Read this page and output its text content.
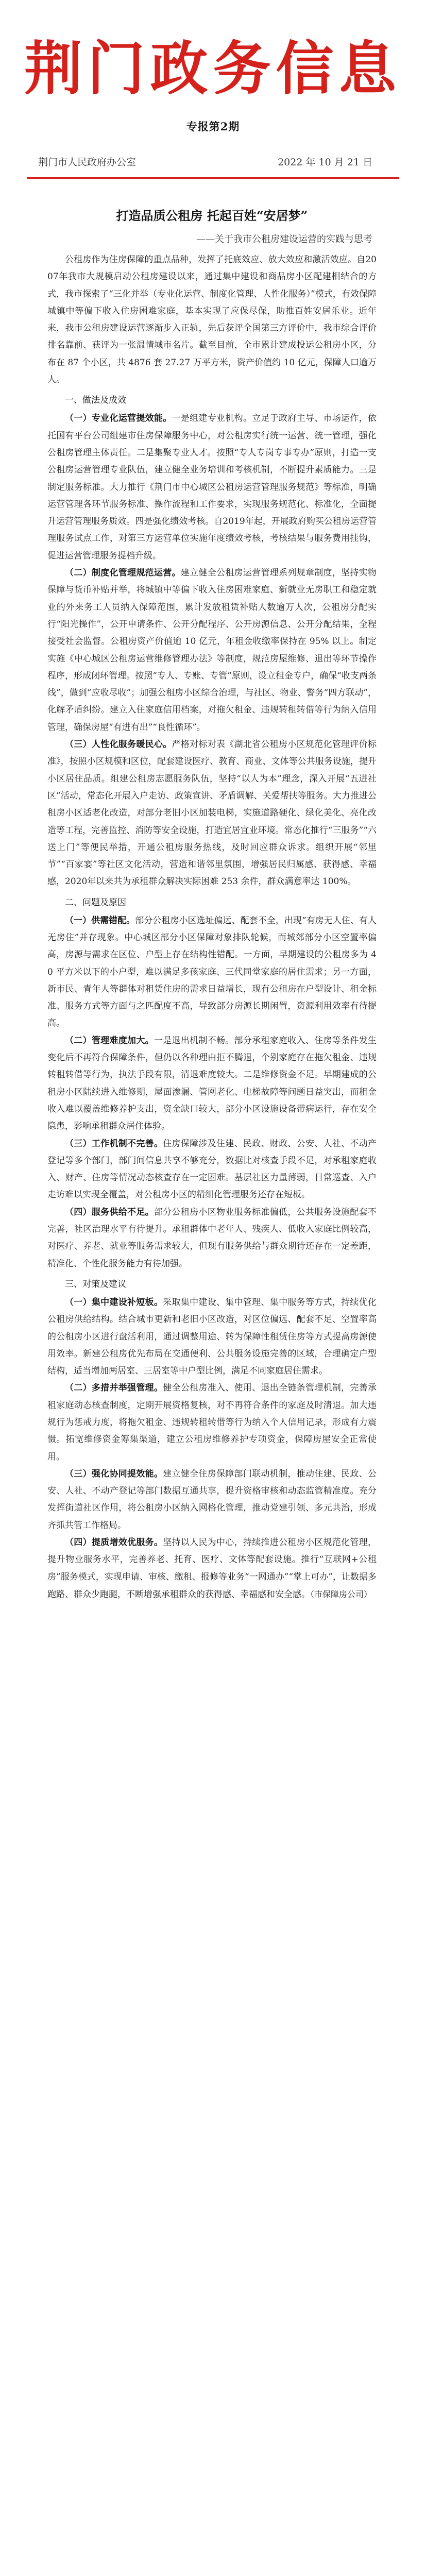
荆门政务信息
专报第2期
荆门市人民政府办公室	2022 年 10 月 21 日
打造品质公租房 托起百姓“安居梦”
——关于我市公租房建设运营的实践与思考

公租房作为住房保障的重点品种，发挥了托底效应、放大效应和激活效应。自2007年我市大规模启动公租房建设以来，通过集中建设和商品房小区配建相结合的方式，我市探索了“三化并举（专业化运营、制度化管理、人性化服务）”模式，有效保障城镇中等偏下收入住房困难家庭，基本实现了应保尽保，助推百姓安居乐业。近年来，我市公租房建设运营逐渐步入正轨，先后获评全国第三方评价中，我市综合评价排名靠前、获评为一张温情城市名片。截至目前，全市累计建成投运公租房小区，分布在 87 个小区，共 4876 套 27.27 万平方米，资产价值约 10 亿元，保障人口逾万人。

一、做法及成效

（一）专业化运营提效能。一是组建专业机构。立足于政府主导、市场运作，依托国有平台公司组建市住房保障服务中心，对公租房实行统一运营、统一管理，强化公租房管理主体责任。二是集聚专业人才。按照“专人专岗专事专办”原则，打造一支公租房运营管理专业队伍，建立健全业务培训和考核机制，不断提升素质能力。三是制定服务标准。大力推行《荆门市中心城区公租房运营管理服务规范》等标准，明确运营管理各环节服务标准、操作流程和工作要求，实现服务规范化、标准化，全面提升运营管理服务质效。四是强化绩效考核。自2019年起，开展政府购买公租房运营管理服务试点工作，对第三方运营单位实施年度绩效考核，考核结果与服务费用挂钩，促进运营管理服务提档升级。

（二）制度化管理规范运营。建立健全公租房运营管理系列规章制度，坚持实物保障与货币补贴并举，将城镇中等偏下收入住房困难家庭、新就业无房职工和稳定就业的外来务工人员纳入保障范围，累计发放租赁补贴人数逾万人次，公租房分配实行“阳光操作”，公开申请条件、公开分配程序、公开房源信息、公开分配结果，全程接受社会监督。公租房资产价值逾 10 亿元，年租金收缴率保持在 95% 以上。制定实施《中心城区公租房运营维修管理办法》等制度，规范房屋维修、退出等环节操作程序，形成闭环管理。按照“专人、专账、专管”原则，设立租金专户，确保“收支两条线”，做到“应收尽收”；加强公租房小区综合治理，与社区、物业、警务“四方联动”，化解矛盾纠纷。建立入住家庭信用档案，对拖欠租金、违规转租转借等行为纳入信用管理，确保房屋“有进有出”“良性循环”。

（三）人性化服务暖民心。严格对标对表《湖北省公租房小区规范化管理评价标准》，按照小区规模和区位，配套建设医疗、教育、商业、文体等公共服务设施，提升小区居住品质。组建公租房志愿服务队伍，坚持“以人为本”理念，深入开展“五进社区”活动，常态化开展入户走访、政策宣讲、矛盾调解、关爱帮扶等服务。大力推进公租房小区适老化改造，对部分老旧小区加装电梯，实施道路硬化、绿化美化、亮化改造等工程，完善监控、消防等安全设施，打造宜居宜业环境。常态化推行“三服务”“六送上门”等便民举措，开通公租房服务热线，及时回应群众诉求。组织开展“邻里节”“百家宴”等社区文化活动，营造和谐邻里氛围，增强居民归属感、获得感、幸福感，2020年以来共为承租群众解决实际困难 253 余件，群众满意率达 100%。

二、问题及原因

（一）供需错配。部分公租房小区选址偏远、配套不全，出现“有房无人住、有人无房住”并存现象。中心城区部分小区保障对象排队轮候，而城郊部分小区空置率偏高，房源与需求在区位、户型上存在结构性错配。一方面，早期建设的公租房多为 40 平方米以下的小户型，难以满足多孩家庭、三代同堂家庭的居住需求；另一方面，新市民、青年人等群体对租赁住房的需求日益增长，现有公租房在户型设计、租金标准、服务方式等方面与之匹配度不高，导致部分房源长期闲置，资源利用效率有待提高。

（二）管理难度加大。一是退出机制不畅。部分承租家庭收入、住房等条件发生变化后不再符合保障条件，但仍以各种理由拒不腾退，个别家庭存在拖欠租金、违规转租转借等行为，执法手段有限，清退难度较大。二是维修资金不足。早期建成的公租房小区陆续进入维修期，屋面渗漏、管网老化、电梯故障等问题日益突出，而租金收入难以覆盖维修养护支出，资金缺口较大，部分小区设施设备带病运行，存在安全隐患，影响承租群众居住体验。

（三）工作机制不完善。住房保障涉及住建、民政、财政、公安、人社、不动产登记等多个部门，部门间信息共享不够充分，数据比对核查手段不足，对承租家庭收入、财产、住房等情况动态核查存在一定困难。基层社区力量薄弱，日常巡查、入户走访难以实现全覆盖，对公租房小区的精细化管理服务还存在短板。

（四）服务供给不足。部分公租房小区物业服务标准偏低，公共服务设施配套不完善，社区治理水平有待提升。承租群体中老年人、残疾人、低收入家庭比例较高，对医疗、养老、就业等服务需求较大，但现有服务供给与群众期待还存在一定差距，精准化、个性化服务能力有待加强。

三、对策及建议

（一）集中建设补短板。采取集中建设、集中管理、集中服务等方式，持续优化公租房供给结构。结合城市更新和老旧小区改造，对区位偏远、配套不足、空置率高的公租房小区进行盘活利用，通过调整用途、转为保障性租赁住房等方式提高房源使用效率。新建公租房优先布局在交通便利、公共服务设施完善的区域，合理确定户型结构，适当增加两居室、三居室等中户型比例，满足不同家庭居住需求。

（二）多措并举强管理。健全公租房准入、使用、退出全链条管理机制，完善承租家庭动态核查制度，定期开展资格复核，对不再符合条件的家庭及时清退。加大违规行为惩戒力度，将拖欠租金、违规转租转借等行为纳入个人信用记录，形成有力震慑。拓宽维修资金筹集渠道，建立公租房维修养护专项资金，保障房屋安全正常使用。

（三）强化协同提效能。建立健全住房保障部门联动机制，推动住建、民政、公安、人社、不动产登记等部门数据互通共享，提升资格审核和动态监管精准度。充分发挥街道社区作用，将公租房小区纳入网格化管理，推动党建引领、多元共治，形成齐抓共管工作格局。

（四）提质增效优服务。坚持以人民为中心，持续推进公租房小区规范化管理，提升物业服务水平，完善养老、托育、医疗、文体等配套设施。推行“互联网+公租房”服务模式，实现申请、审核、缴租、报修等业务“一网通办”“掌上可办”，让数据多跑路、群众少跑腿，不断增强承租群众的获得感、幸福感和安全感。（市保障房公司）
